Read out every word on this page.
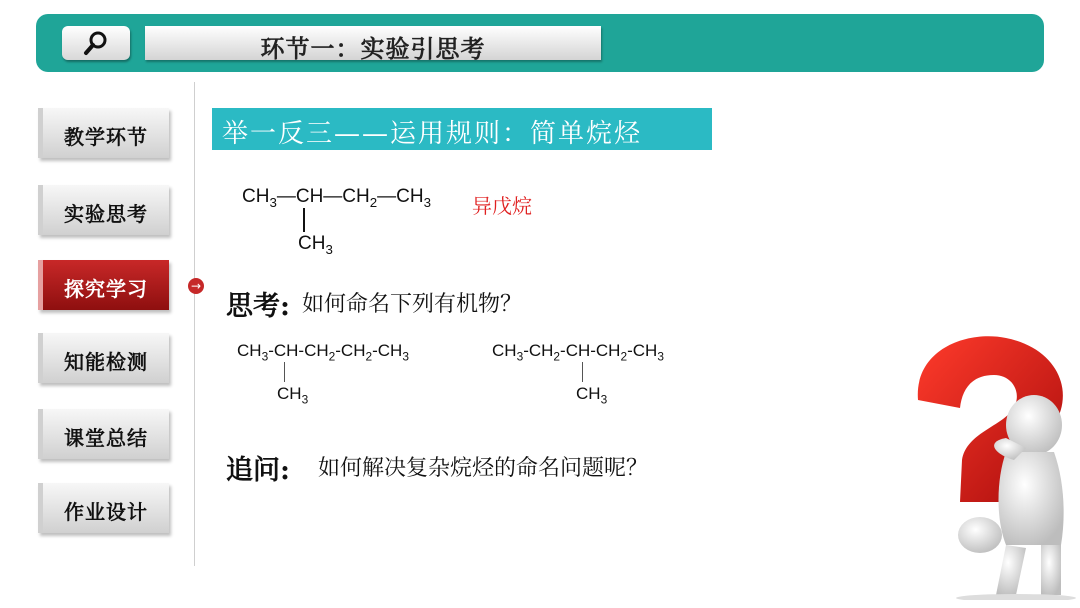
环节一：实验引思考
教学环节
实验思考
探究学习	→
知能检测
课堂总结
作业设计
举一反三——运用规则：简单烷烃
$CH_3—CH—CH_2—CH_3$
$CH_3$
异戊烷
思考: 如何命名下列有机物？
$CH_3-CH-CH_2-CH_2-CH_3$
$CH_3$
$CH_3-CH_2-CH-CH_2-CH_3$
$CH_3$
追问: 如何解决复杂烷烃的命名问题呢？
